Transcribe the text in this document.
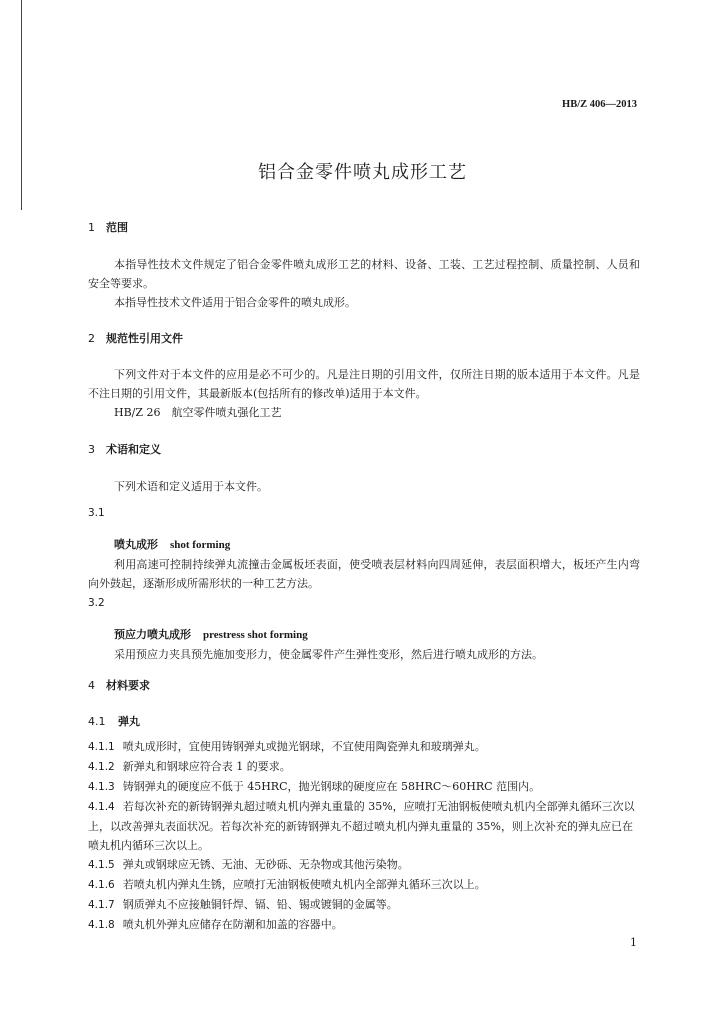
HB/Z 406—2013
铝合金零件喷丸成形工艺
1 范围
本指导性技术文件规定了铝合金零件喷丸成形工艺的材料、设备、工装、工艺过程控制、质量控制、人员和安全等要求。
本指导性技术文件适用于铝合金零件的喷丸成形。
2 规范性引用文件
下列文件对于本文件的应用是必不可少的。凡是注日期的引用文件，仅所注日期的版本适用于本文件。凡是不注日期的引用文件，其最新版本(包括所有的修改单)适用于本文件。
HB/Z 26　航空零件喷丸强化工艺
3 术语和定义
下列术语和定义适用于本文件。
3.1
喷丸成形 shot forming
利用高速可控制持续弹丸流撞击金属板坯表面，使受喷表层材料向四周延伸，表层面积增大，板坯产生内弯向外鼓起，逐渐形成所需形状的一种工艺方法。
3.2
预应力喷丸成形 prestress shot forming
采用预应力夹具预先施加变形力，使金属零件产生弹性变形，然后进行喷丸成形的方法。
4 材料要求
4.1 弹丸
4.1.1 喷丸成形时，宜使用铸钢弹丸或抛光钢球，不宜使用陶瓷弹丸和玻璃弹丸。
4.1.2 新弹丸和钢球应符合表 1 的要求。
4.1.3 铸钢弹丸的硬度应不低于 45HRC，抛光钢球的硬度应在 58HRC～60HRC 范围内。
4.1.4 若每次补充的新铸钢弹丸超过喷丸机内弹丸重量的 35%，应喷打无油钢板使喷丸机内全部弹丸循环三次以上，以改善弹丸表面状况。若每次补充的新铸钢弹丸不超过喷丸机内弹丸重量的 35%，则上次补充的弹丸应已在喷丸机内循环三次以上。
4.1.5 弹丸或钢球应无锈、无油、无砂砾、无杂物或其他污染物。
4.1.6 若喷丸机内弹丸生锈，应喷打无油钢板使喷丸机内全部弹丸循环三次以上。
4.1.7 钢质弹丸不应接触铜钎焊、镉、铅、锡或镀铜的金属等。
4.1.8 喷丸机外弹丸应储存在防潮和加盖的容器中。
1
